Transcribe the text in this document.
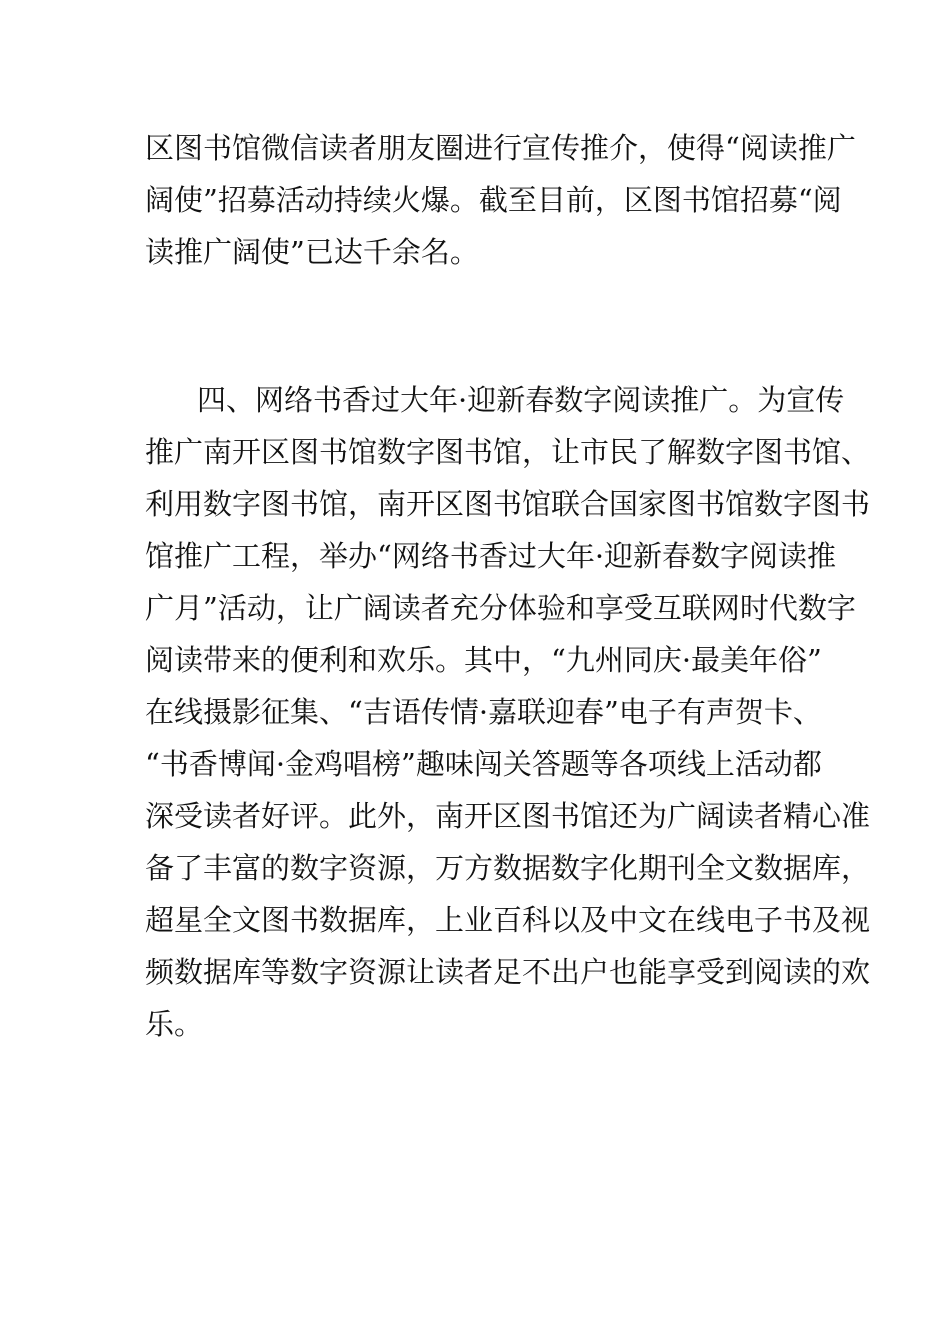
区图书馆微信读者朋友圈进行宣传推介，使得“阅读推广
阔使”招募活动持续火爆。截至目前，区图书馆招募“阅
读推广阔使”已达千余名。
四、网络书香过大年·迎新春数字阅读推广。为宣传
推广南开区图书馆数字图书馆，让市民了解数字图书馆、
利用数字图书馆，南开区图书馆联合国家图书馆数字图书
馆推广工程，举办“网络书香过大年·迎新春数字阅读推
广月”活动，让广阔读者充分体验和享受互联网时代数字
阅读带来的便利和欢乐。其中，“九州同庆·最美年俗”
在线摄影征集、“吉语传情·嘉联迎春”电子有声贺卡、
“书香博闻·金鸡唱榜”趣味闯关答题等各项线上活动都
深受读者好评。此外，南开区图书馆还为广阔读者精心准
备了丰富的数字资源，万方数据数字化期刊全文数据库，
超星全文图书数据库，上业百科以及中文在线电子书及视
频数据库等数字资源让读者足不出户也能享受到阅读的欢
乐。
